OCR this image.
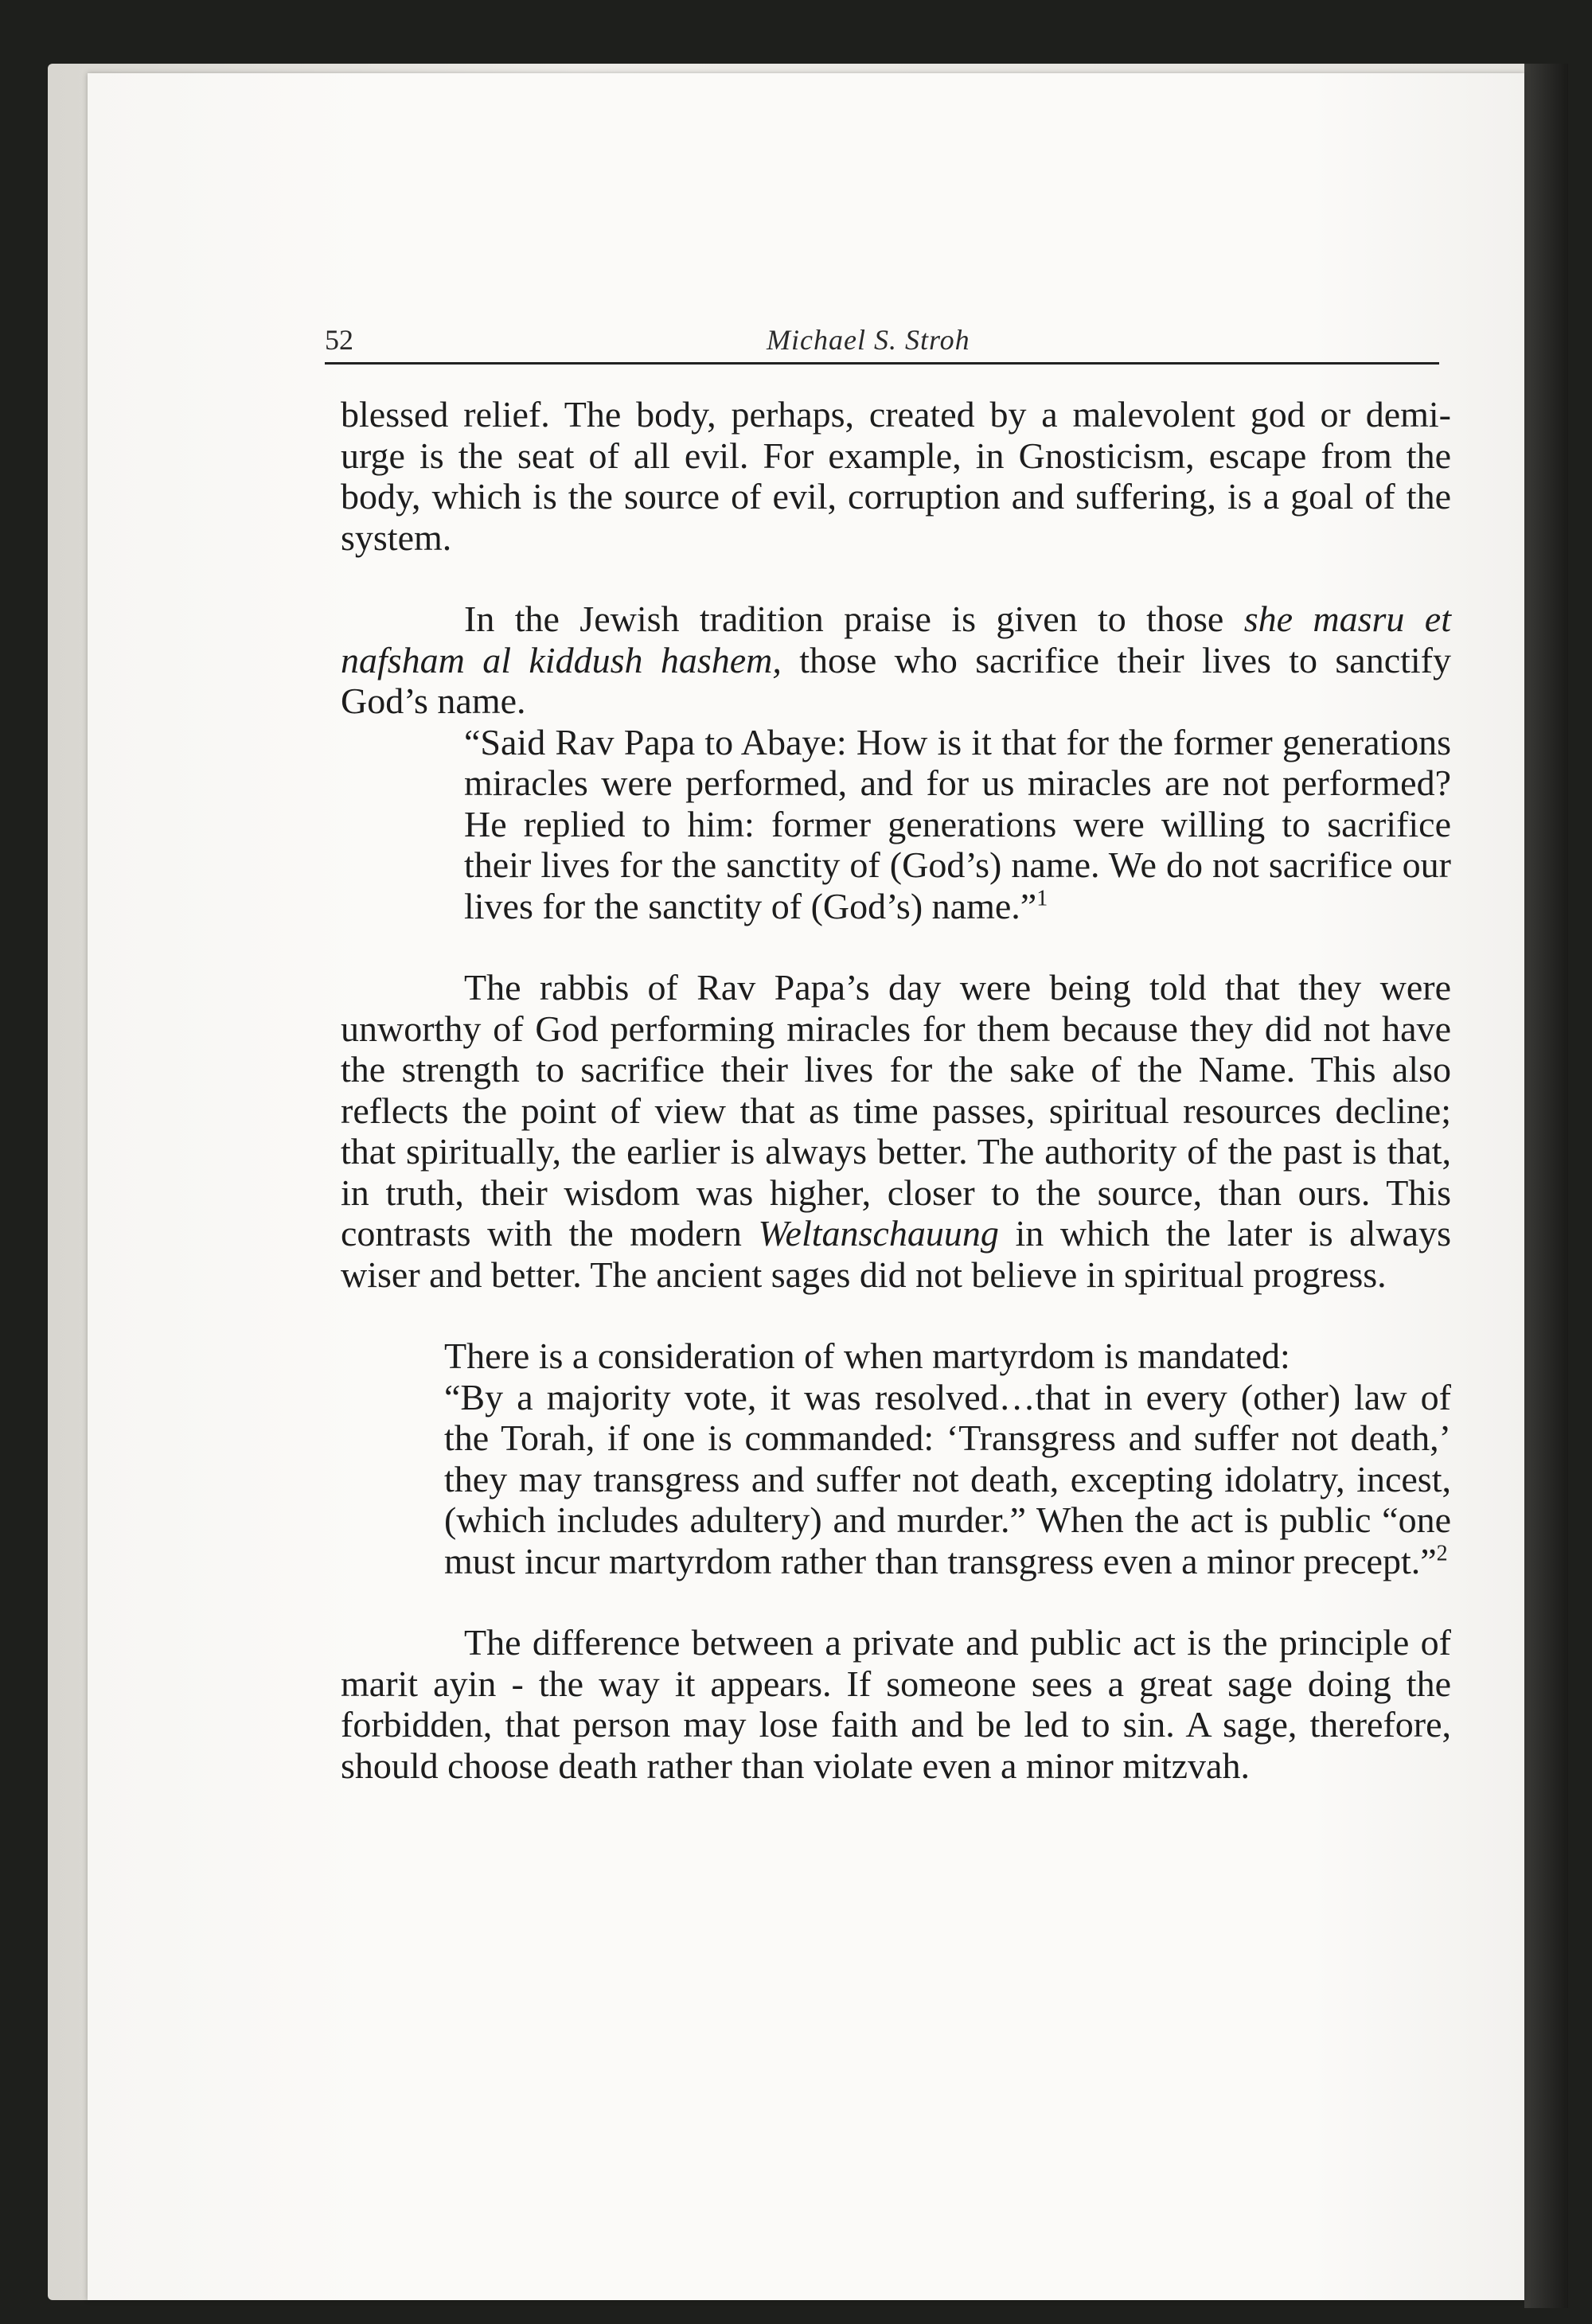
52	Michael S. Stroh

blessed relief. The body, perhaps, created by a malevolent god or demi-urge is the seat of all evil. For example, in Gnosticism, escape from the body, which is the source of evil, corruption and suffering, is a goal of the system.

In the Jewish tradition praise is given to those she masru et nafsham al kiddush hashem, those who sacrifice their lives to sanctify God’s name.

“Said Rav Papa to Abaye: How is it that for the former generations miracles were performed, and for us miracles are not performed? He replied to him: former generations were willing to sacrifice their lives for the sanctity of (God’s) name. We do not sacrifice our lives for the sanctity of (God’s) name.”$^1$

The rabbis of Rav Papa’s day were being told that they were unworthy of God performing miracles for them because they did not have the strength to sacrifice their lives for the sake of the Name. This also reflects the point of view that as time passes, spiritual resources decline; that spiritually, the earlier is always better. The authority of the past is that, in truth, their wisdom was higher, closer to the source, than ours. This contrasts with the modern Weltanschauung in which the later is always wiser and better. The ancient sages did not believe in spiritual progress.

There is a consideration of when martyrdom is mandated:

“By a majority vote, it was resolved…that in every (other) law of the Torah, if one is commanded: ‘Transgress and suffer not death,’ they may transgress and suffer not death, excepting idolatry, incest, (which includes adultery) and murder.” When the act is public “one must incur martyrdom rather than transgress even a minor precept.”$^2$

The difference between a private and public act is the principle of marit ayin - the way it appears. If someone sees a great sage doing the forbidden, that person may lose faith and be led to sin. A sage, therefore, should choose death rather than violate even a minor mitzvah.
